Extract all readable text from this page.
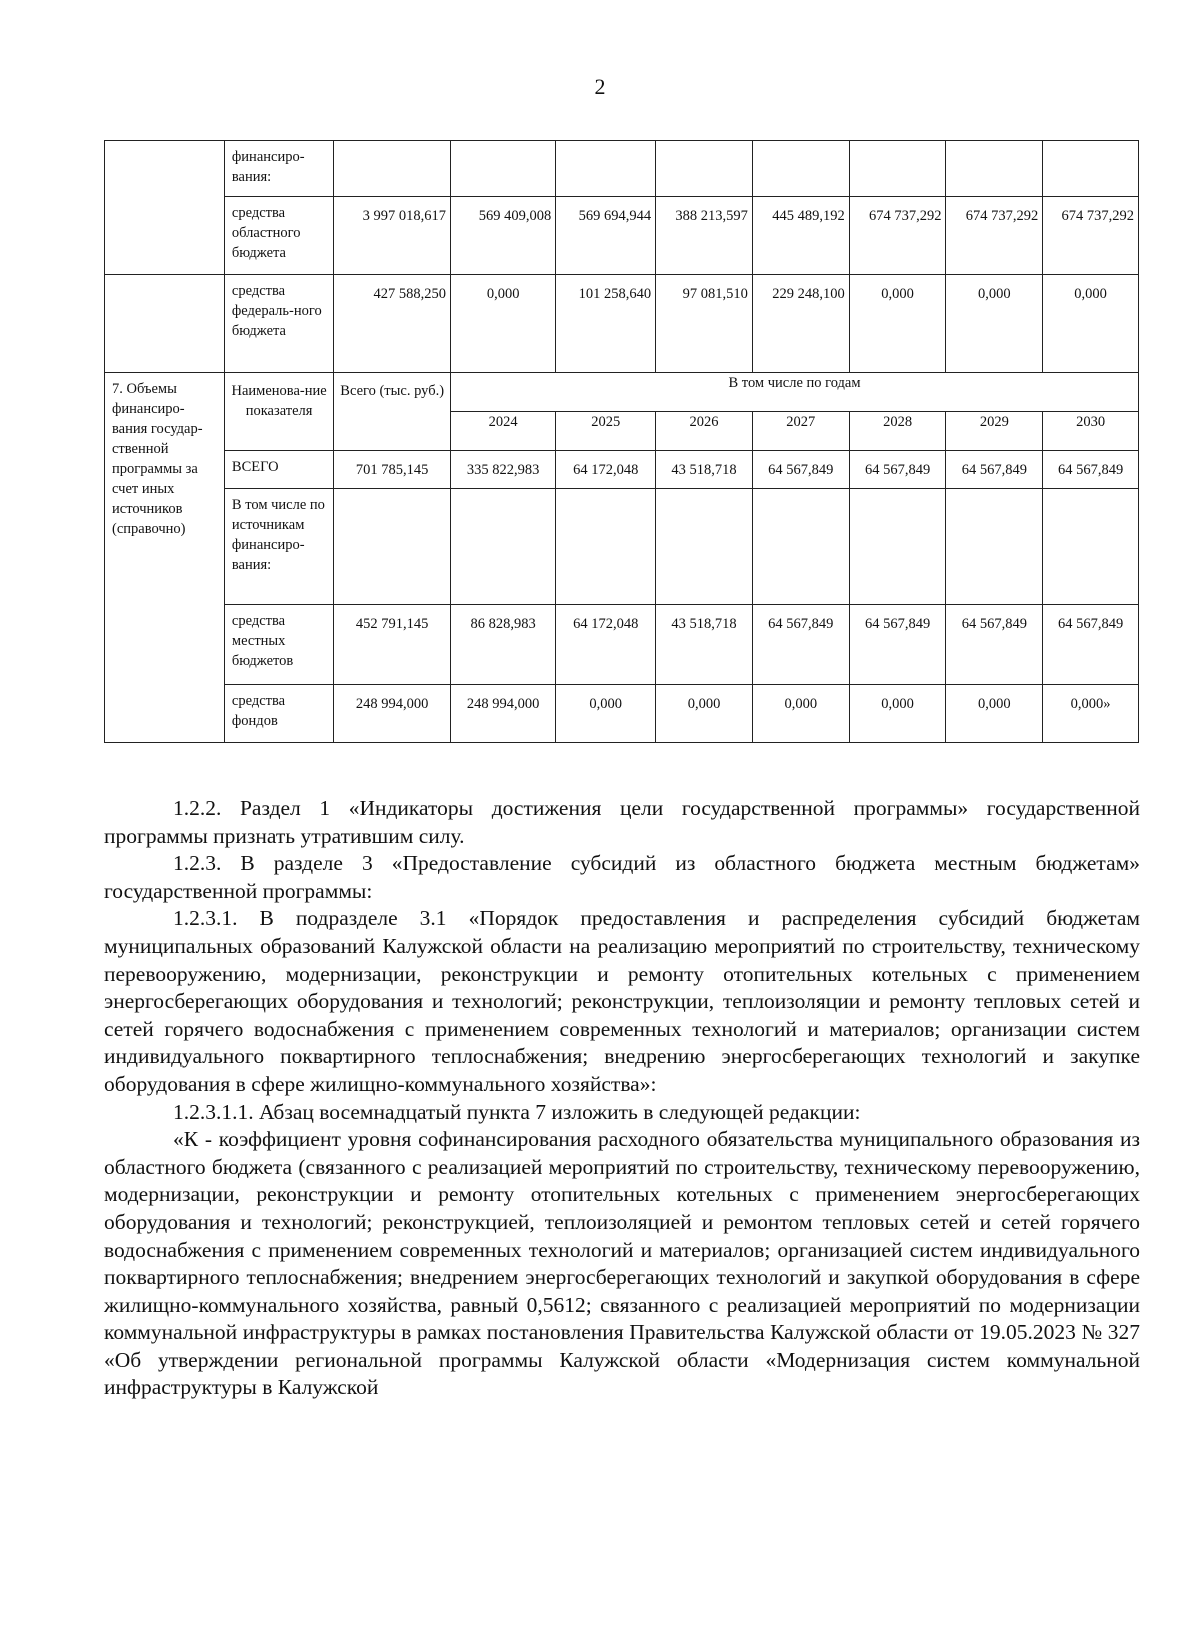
2
	финансиро-вания:								
	средства областного бюджета	3 997 018,617	569 409,008	569 694,944	388 213,597	445 489,192	674 737,292	674 737,292	674 737,292
	средства федераль-ного бюджета	427 588,250	0,000	101 258,640	97 081,510	229 248,100	0,000	0,000	0,000
7. Объемы финансиро-вания государ-ственной программы за счет иных источников (справочно)	Наименова-ние показателя	Всего (тыс. руб.)	В том числе по годам						
			2024	2025	2026	2027	2028	2029	2030
	ВСЕГО	701 785,145	335 822,983	64 172,048	43 518,718	64 567,849	64 567,849	64 567,849	64 567,849
	В том числе по источникам финансиро-вания:								
	средства местных бюджетов	452 791,145	86 828,983	64 172,048	43 518,718	64 567,849	64 567,849	64 567,849	64 567,849
	средства фондов	248 994,000	248 994,000	0,000	0,000	0,000	0,000	0,000	0,000»

1.2.2. Раздел 1 «Индикаторы достижения цели государственной программы» государственной программы признать утратившим силу.

1.2.3. В разделе 3 «Предоставление субсидий из областного бюджета местным бюджетам» государственной программы:

1.2.3.1. В подразделе 3.1 «Порядок предоставления и распределения субсидий бюджетам муниципальных образований Калужской области на реализацию мероприятий по строительству, техническому перевооружению, модернизации, реконструкции и ремонту отопительных котельных с применением энергосберегающих оборудования и технологий; реконструкции, теплоизоляции и ремонту тепловых сетей и сетей горячего водоснабжения с применением современных технологий и материалов; организации систем индивидуального поквартирного теплоснабжения; внедрению энергосберегающих технологий и закупке оборудования в сфере жилищно-коммунального хозяйства»:

1.2.3.1.1. Абзац восемнадцатый пункта 7 изложить в следующей редакции:

«К - коэффициент уровня софинансирования расходного обязательства муниципального образования из областного бюджета (связанного с реализацией мероприятий по строительству, техническому перевооружению, модернизации, реконструкции и ремонту отопительных котельных с применением энергосберегающих оборудования и технологий; реконструкцией, теплоизоляцией и ремонтом тепловых сетей и сетей горячего водоснабжения с применением современных технологий и материалов; организацией систем индивидуального поквартирного теплоснабжения; внедрением энергосберегающих технологий и закупкой оборудования в сфере жилищно-коммунального хозяйства, равный 0,5612; связанного с реализацией мероприятий по модернизации коммунальной инфраструктуры в рамках постановления Правительства Калужской области от 19.05.2023 № 327 «Об утверждении региональной программы Калужской области «Модернизация систем коммунальной инфраструктуры в Калужской
